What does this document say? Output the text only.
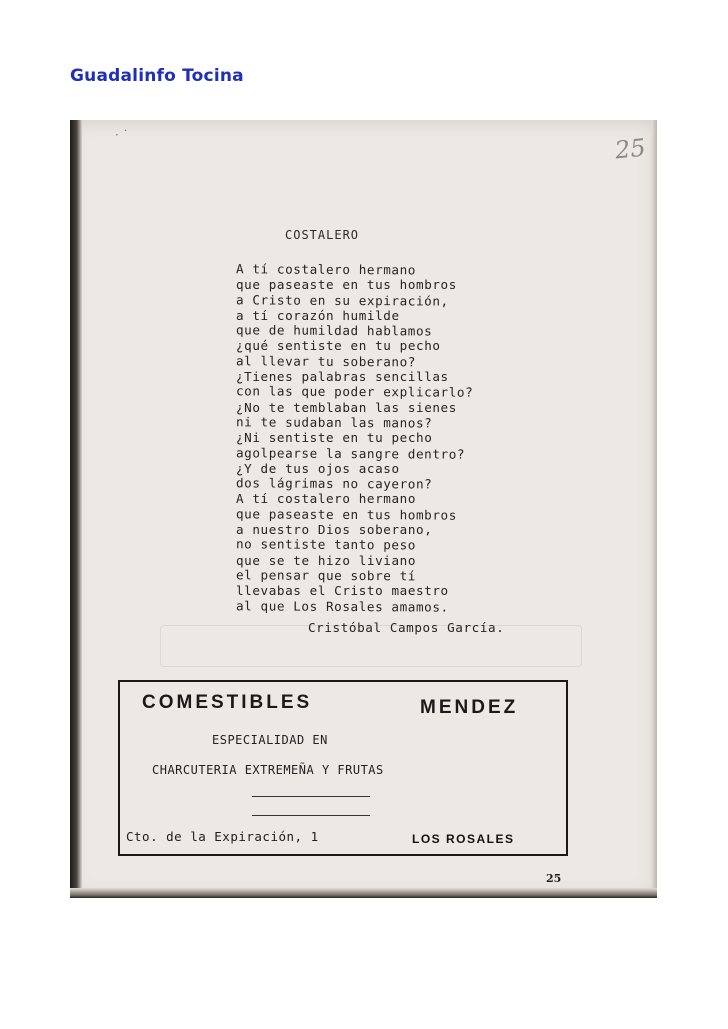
Guadalinfo Tocina
· ˙	25
COSTALERO
A tí costalero hermano
que paseaste en tus hombros
a Cristo en su expiración,
a tí corazón humilde
que de humildad hablamos
¿qué sentiste en tu pecho
al llevar tu soberano?
¿Tienes palabras sencillas
con las que poder explicarlo?
¿No te temblaban las sienes
ni te sudaban las manos?
¿Ni sentiste en tu pecho
agolpearse la sangre dentro?
¿Y de tus ojos acaso
dos lágrimas no cayeron?
A tí costalero hermano
que paseaste en tus hombros
a nuestro Dios soberano,
no sentiste tanto peso
que se te hizo liviano
el pensar que sobre tí
llevabas el Cristo maestro
al que Los Rosales amamos.
Cristóbal Campos García.
COMESTIBLES	MENDEZ
ESPECIALIDAD EN
CHARCUTERIA EXTREMEÑA Y FRUTAS
Cto. de la Expiración, 1	LOS ROSALES
25
